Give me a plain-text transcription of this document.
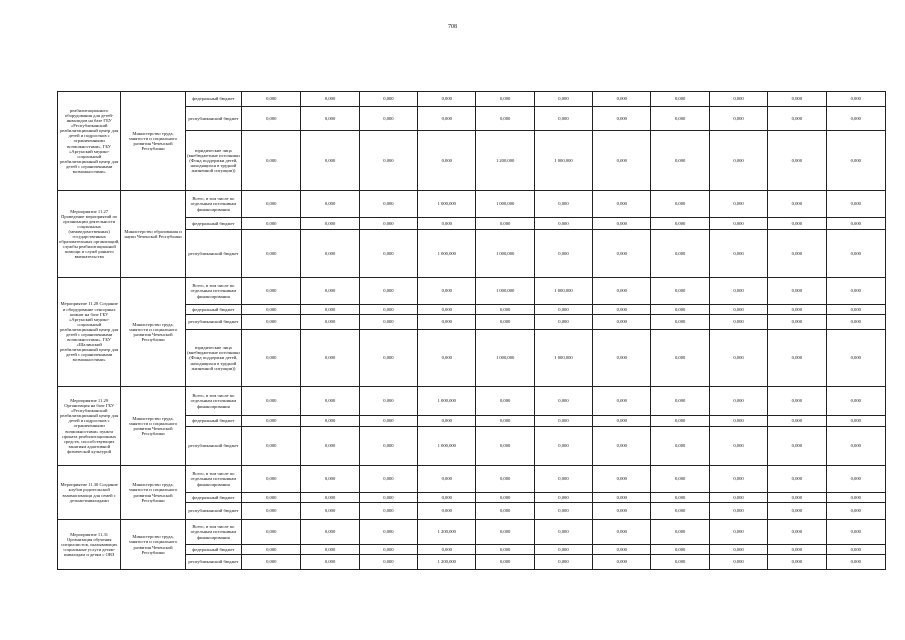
708
реабилитационного оборудования для детей-инвалидов на базе ГБУ «Республиканский реабилитационный центр для детей и подростков с ограниченными возможностями», ГБУ «Аргунский медико-социальный реабилитационный центр для детей с ограниченными возможностями»	Министерство труда, занятости и социального развития Чеченской Республики	федеральный бюджет	0,000	0,000	0,000	0,000	0,000	0,000	0,000	0,000	0,000	0,000	0,000
		республиканский бюджет	0,000	0,000	0,000	0,000	0,000	0,000	0,000	0,000	0,000	0,000	0,000
		юридические лица (внебюджетные источники (Фонд поддержки детей, находящихся в трудной жизненной ситуации))	0,000	0,000	0,000	0,000	1 200,000	1 000,000	0,000	0,000	0,000	0,000	0,000
Мероприятие 11.27 Проведение мероприятий по организации деятельности социальных (межведомственных) государственных образовательных организаций, службы реабилитационной помощи и служб раннего вмешательства	Министерство образования и науки Чеченской Республики	Всего, в том числе по отдельным источникам финансирования	0,000	0,000	0,000	1 000,000	1 000,000	0,000	0,000	0,000	0,000	0,000	0,000
		федеральный бюджет	0,000	0,000	0,000	0,000	0,000	0,000	0,000	0,000	0,000	0,000	0,000
		республиканский бюджет	0,000	0,000	0,000	1 000,000	1 000,000	0,000	0,000	0,000	0,000	0,000	0,000
Мероприятие 11.28 Создание и оборудование сенсорных комнат на базе ГБУ «Аргунский медико-социальный реабилитационный центр для детей с ограниченными возможностями», ГБУ «Шалинский реабилитационный центр для детей с ограниченными возможностями»	Министерство труда, занятости и социального развития Чеченской Республики	Всего, в том числе по отдельным источникам финансирования	0,000	0,000	0,000	0,000	1 000,000	1 000,000	0,000	0,000	0,000	0,000	0,000
		федеральный бюджет	0,000	0,000	0,000	0,000	0,000	0,000	0,000	0,000	0,000	0,000	0,000
		республиканский бюджет	0,000	0,000	0,000	0,000	0,000	0,000	0,000	0,000	0,000	0,000	0,000
		юридические лица (внебюджетные источники (Фонд поддержки детей, находящихся в трудной жизненной ситуации))	0,000	0,000	0,000	0,000	1 000,000	1 000,000	0,000	0,000	0,000	0,000	0,000
Мероприятие 11.29 Организация на базе ГБУ «Республиканский реабилитационный центр для детей и подростков с ограниченными возможностями» пункта проката реабилитационных средств, способствующих занятиям адаптивной физической культурой	Министерство труда, занятости и социального развития Чеченской Республики	Всего, в том числе по отдельным источникам финансирования	0,000	0,000	0,000	1 000,000	0,000	0,000	0,000	0,000	0,000	0,000	0,000
		федеральный бюджет	0,000	0,000	0,000	0,000	0,000	0,000	0,000	0,000	0,000	0,000	0,000
		республиканский бюджет	0,000	0,000	0,000	1 000,000	0,000	0,000	0,000	0,000	0,000	0,000	0,000
Мероприятие 11.30 Создание клубов родительской взаимопомощи для семей с детьми-инвалидами	Министерство труда, занятости и социального развития Чеченской Республики	Всего, в том числе по отдельным источникам финансирования	0,000	0,000	0,000	0,000	0,000	0,000	0,000	0,000	0,000	0,000	0,000
		федеральный бюджет	0,000	0,000	0,000	0,000	0,000	0,000	0,000	0,000	0,000	0,000	0,000
		республиканский бюджет	0,000	0,000	0,000	0,000	0,000	0,000	0,000	0,000	0,000	0,000	0,000
Мероприятие 11.31 Организация обучения специалистов, оказывающих социальные услуги детям-инвалидам и детям с ОВЗ	Министерство труда, занятости и социального развития Чеченской Республики	Всего, в том числе по отдельным источникам финансирования	0,000	0,000	0,000	1 200,000	0,000	0,000	0,000	0,000	0,000	0,000	0,000
		федеральный бюджет	0,000	0,000	0,000	0,000	0,000	0,000	0,000	0,000	0,000	0,000	0,000
		республиканский бюджет	0,000	0,000	0,000	1 200,000	0,000	0,000	0,000	0,000	0,000	0,000	0,000
